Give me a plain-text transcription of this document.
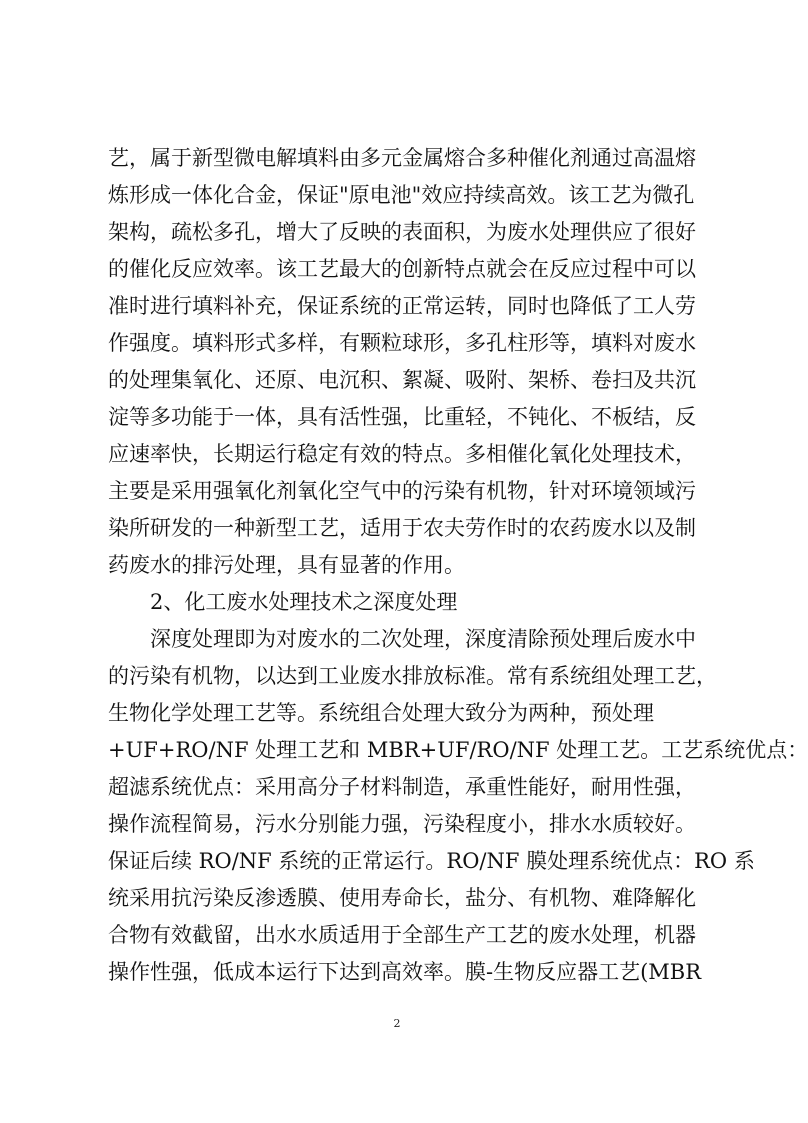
艺，属于新型微电解填料由多元金属熔合多种催化剂通过高温熔
炼形成一体化合金，保证"原电池"效应持续高效。该工艺为微孔
架构，疏松多孔，增大了反映的表面积，为废水处理供应了很好
的催化反应效率。该工艺最大的创新特点就会在反应过程中可以
准时进行填料补充，保证系统的正常运转，同时也降低了工人劳
作强度。填料形式多样，有颗粒球形，多孔柱形等，填料对废水
的处理集氧化、还原、电沉积、絮凝、吸附、架桥、卷扫及共沉
淀等多功能于一体，具有活性强，比重轻，不钝化、不板结，反
应速率快，长期运行稳定有效的特点。多相催化氧化处理技术，
主要是采用强氧化剂氧化空气中的污染有机物，针对环境领域污
染所研发的一种新型工艺，适用于农夫劳作时的农药废水以及制
药废水的排污处理，具有显著的作用。
2、化工废水处理技术之深度处理
深度处理即为对废水的二次处理，深度清除预处理后废水中
的污染有机物，以达到工业废水排放标准。常有系统组处理工艺，
生物化学处理工艺等。系统组合处理大致分为两种，预处理
+UF+RO/NF 处理工艺和 MBR+UF/RO/NF 处理工艺。工艺系统优点：
超滤系统优点：采用高分子材料制造，承重性能好，耐用性强，
操作流程简易，污水分别能力强，污染程度小，排水水质较好。
保证后续 RO/NF 系统的正常运行。RO/NF 膜处理系统优点：RO 系
统采用抗污染反渗透膜、使用寿命长，盐分、有机物、难降解化
合物有效截留，出水水质适用于全部生产工艺的废水处理，机器
操作性强，低成本运行下达到高效率。膜-生物反应器工艺(MBR
2
